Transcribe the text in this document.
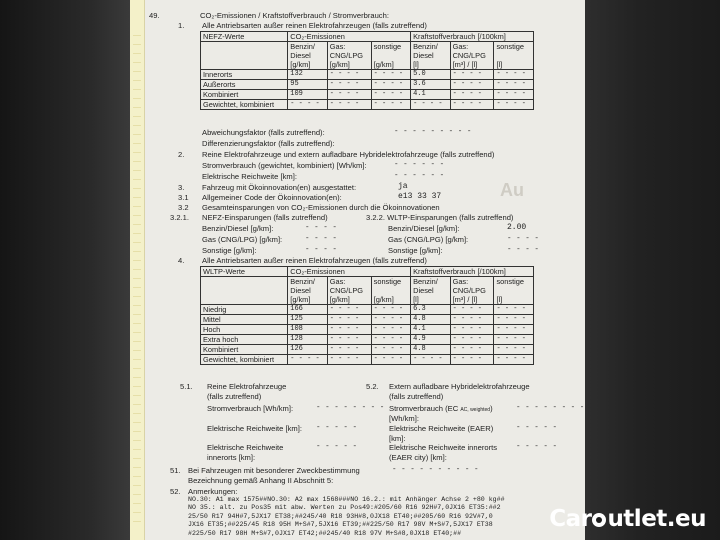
Au
49.	CO₂-Emissionen / Kraftstoffverbrauch / Stromverbrauch:
1. Alle Antriebsarten außer reinen Elektrofahrzeugen (falls zutreffend)
NEFZ-Werte	CO₂-Emissionen			Kraftstoffverbrauch [/100km]		
	Benzin/
Diesel
[g/km]	Gas:
CNG/LPG
[g/km]	sonstige

[g/km]	Benzin/
Diesel
[l]	Gas:
CNG/LPG
[m³] / [l]	sonstige

[l]
Innerorts	132	- - - -	- - - -	5.0	- - - -	- - - -
Außerorts	95	- - - -	- - - -	3.6	- - - -	- - - -
Kombiniert	109	- - - -	- - - -	4.1	- - - -	- - - -
Gewichtet, kombiniert	- - - -	- - - -	- - - -	- - - -	- - - -	- - - -
Abweichungsfaktor (falls zutreffend):	- - - - - - - - -
Differenzierungsfaktor (falls zutreffend):
2. Reine Elektrofahrzeuge und extern aufladbare Hybridelektrofahrzeuge (falls zutreffend)
Stromverbrauch (gewichtet, kombiniert) [Wh/km]:	- - - - - -
Elektrische Reichweite [km]:	- - - - - -
3. Fahrzeug mit Ökoinnovation(en) ausgestattet:	ja
3.1 Allgemeiner Code der Ökoinnovation(en):	e13 33 37
3.2 Gesamteinsparungen von CO₂-Emissionen durch die Ökoinnovationen
3.2.1. NEFZ-Einsparungen (falls zutreffend)	3.2.2. WLTP-Einsparungen (falls zutreffend)
Benzin/Diesel [g/km]:	- - - -
Gas (CNG/LPG) [g/km]:	- - - -
Sonstige [g/km]:	- - - -
Benzin/Diesel [g/km]:	2.00
Gas (CNG/LPG) [g/km]:	- - - -
Sonstige [g/km]:	- - - -
4. Alle Antriebsarten außer reinen Elektrofahrzeugen (falls zutreffend)
WLTP-Werte	CO₂-Emissionen			Kraftstoffverbrauch [/100km]		
	Benzin/
Diesel
[g/km]	Gas:
CNG/LPG
[g/km]	sonstige

[g/km]	Benzin/
Diesel
[l]	Gas:
CNG/LPG
[m³] / [l]	sonstige

[l]
Niedrig	166	- - - -	- - - -	6.3	- - - -	- - - -
Mittel	125	- - - -	- - - -	4.8	- - - -	- - - -
Hoch	108	- - - -	- - - -	4.1	- - - -	- - - -
Extra hoch	128	- - - -	- - - -	4.9	- - - -	- - - -
Kombiniert	126	- - - -	- - - -	4.8	- - - -	- - - -
Gewichtet, kombiniert	- - - -	- - - -	- - - -	- - - -	- - - -	- - - -
5.1. Reine Elektrofahrzeuge
(falls zutreffend)
5.2. Extern aufladbare Hybridelektrofahrzeuge
(falls zutreffend)
Stromverbrauch [Wh/km]:	- - - - - - - -
Elektrische Reichweite [km]: - - - - -
Elektrische Reichweite
innerorts [km]:
- - - - -
Stromverbrauch (EC AC, weighted)
[Wh/km]:
- - - - - - - -
Elektrische Reichweite (EAER)
[km]:
- - - - -
Elektrische Reichweite innerorts
(EAER city) [km]:
- - - - -
51. Bei Fahrzeugen mit besonderer Zweckbestimmung	- - - - - - - - - -
Bezeichnung gemäß Anhang II Abschnitt 5:
52. Anmerkungen:
NO.30: A1 max 1575##NO.30: A2 max 1568###NO 16.2.: mit Anhänger Achse 2 +80 kg##
NO 35.: alt. zu Pos35 mit abw. Werten zu Pos49:#205/60 R16 92H#7,0JX16 ET35:##2
25/50 R17 94H#7,5JX17 ET38;##245/40 R18 93H#8,0JX18 ET40;##205/60 R16 92V#7,0
JX16 ET35;##225/45 R18 95H M+S#7,5JX16 ET39;##225/50 R17 98V M+S#7,5JX17 ET38
#225/50 R17 98H M+S#7,0JX17 ET42;##245/40 R18 97V M+S#8,0JX18 ET40;##
Car utlet.eu
